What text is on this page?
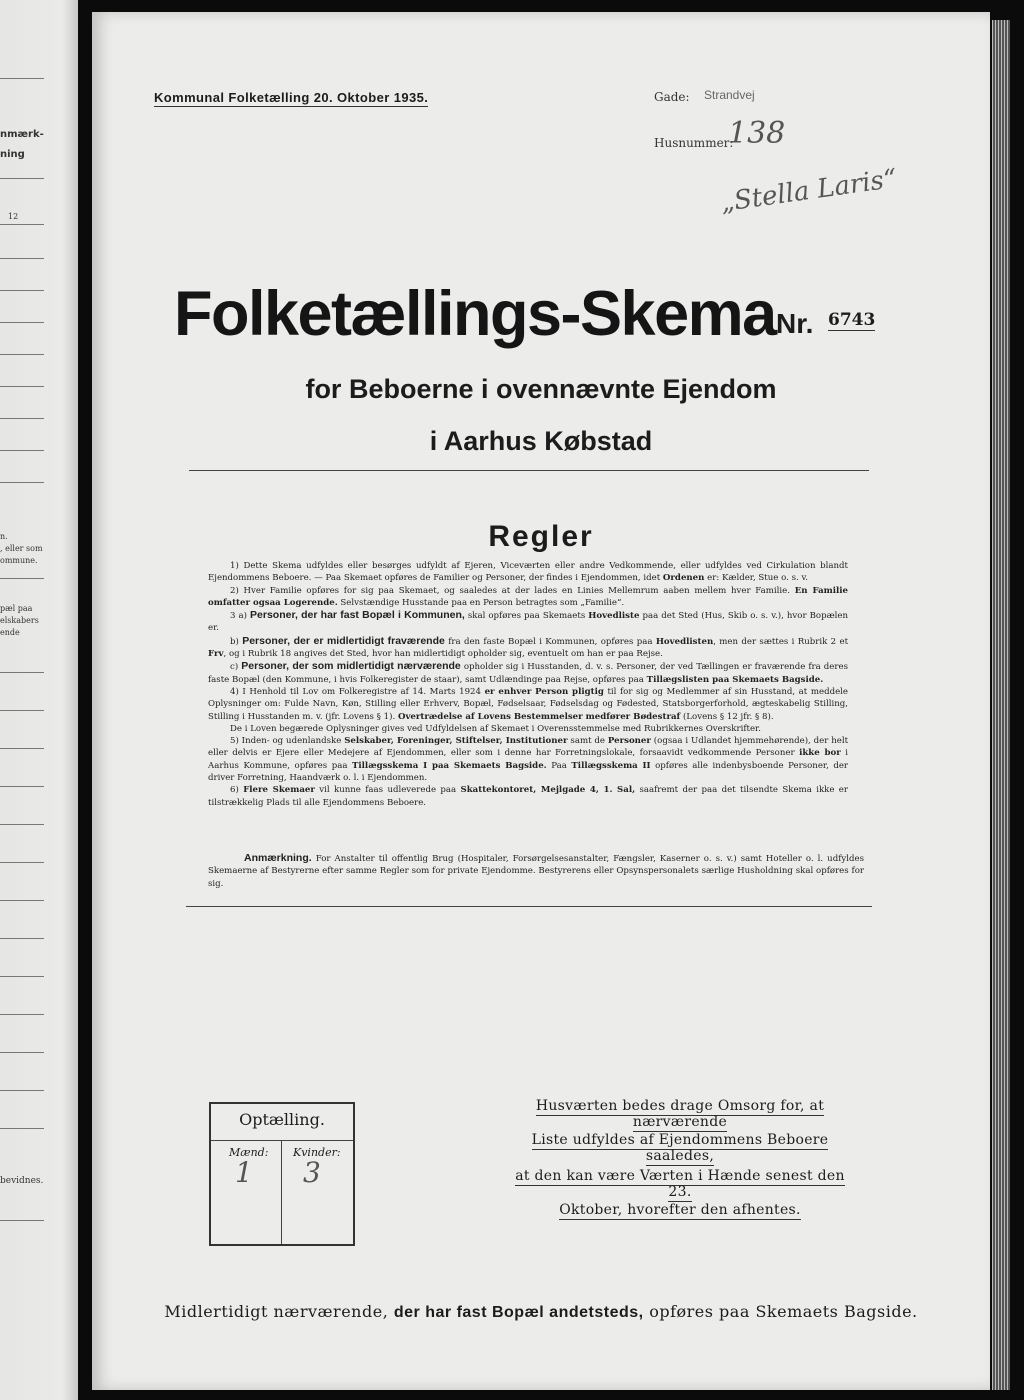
nmærk-
ning
12
n.
, eller som
ommune.
pæl paa
elskabers
ende
bevidnes.
Kommunal Folketælling 20. Oktober 1935.	Gade: Strandvej
Husnummer:
138
„Stella Laris“
Folketællings-Skema Nr. 6743
for Beboerne i ovennævnte Ejendom
i Aarhus Købstad
Regler

1) Dette Skema udfyldes eller besørges udfyldt af Ejeren, Viceværten eller andre Vedkommende, eller udfyldes ved Cirkulation blandt Ejendommens Beboere. — Paa Skemaet opføres de Familier og Personer, der findes i Ejendommen, idet Ordenen er: Kælder, Stue o. s. v.

2) Hver Familie opføres for sig paa Skemaet, og saaledes at der lades en Linies Mellemrum aaben mellem hver Familie. En Familie omfatter ogsaa Logerende. Selvstændige Husstande paa en Person betragtes som „Familie“.

3 a) Personer, der har fast Bopæl i Kommunen, skal opføres paa Skemaets Hovedliste paa det Sted (Hus, Skib o. s. v.), hvor Bopælen er.

b) Personer, der er midlertidigt fraværende fra den faste Bopæl i Kommunen, opføres paa Hovedlisten, men der sættes i Rubrik 2 et Frv, og i Rubrik 18 angives det Sted, hvor han midlertidigt opholder sig, eventuelt om han er paa Rejse.

c) Personer, der som midlertidigt nærværende opholder sig i Husstanden, d. v. s. Personer, der ved Tællingen er fraværende fra deres faste Bopæl (den Kommune, i hvis Folkeregister de staar), samt Udlændinge paa Rejse, opføres paa Tillægslisten paa Skemaets Bagside.

4) I Henhold til Lov om Folkeregistre af 14. Marts 1924 er enhver Person pligtig til for sig og Medlemmer af sin Husstand, at meddele Oplysninger om: Fulde Navn, Køn, Stilling eller Erhverv, Bopæl, Fødselsaar, Fødselsdag og Fødested, Statsborgerforhold, ægteskabelig Stilling, Stilling i Husstanden m. v. (jfr. Lovens § 1). Overtrædelse af Lovens Bestemmelser medfører Bødestraf (Lovens § 12 jfr. § 8).

De i Loven begærede Oplysninger gives ved Udfyldelsen af Skemaet i Overensstemmelse med Rubrikkernes Overskrifter.

5) Inden- og udenlandske Selskaber, Foreninger, Stiftelser, Institutioner samt de Personer (ogsaa i Udlandet hjemmehørende), der helt eller delvis er Ejere eller Medejere af Ejendommen, eller som i denne har Forretningslokale, forsaavidt vedkommende Personer ikke bor i Aarhus Kommune, opføres paa Tillægsskema I paa Skemaets Bagside. Paa Tillægsskema II opføres alle indenbysboende Personer, der driver Forretning, Haandværk o. l. i Ejendommen.

6) Flere Skemaer vil kunne faas udleverede paa Skattekontoret, Mejlgade 4, 1. Sal, saafremt der paa det tilsendte Skema ikke er tilstrækkelig Plads til alle Ejendommens Beboere.

Anmærkning. For Anstalter til offentlig Brug (Hospitaler, Forsørgelsesanstalter, Fængsler, Kaserner o. s. v.) samt Hoteller o. l. udfyldes Skemaerne af Bestyrerne efter samme Regler som for private Ejendomme. Bestyrerens eller Opsynspersonalets særlige Husholdning skal opføres for sig.

Optælling.
Mænd: Kvinder:
1 3
Husværten bedes drage Omsorg for, at nærværende
Liste udfyldes af Ejendommens Beboere saaledes,
at den kan være Værten i Hænde senest den 23.
Oktober, hvorefter den afhentes.
Midlertidigt nærværende, der har fast Bopæl andetsteds, opføres paa Skemaets Bagside.
